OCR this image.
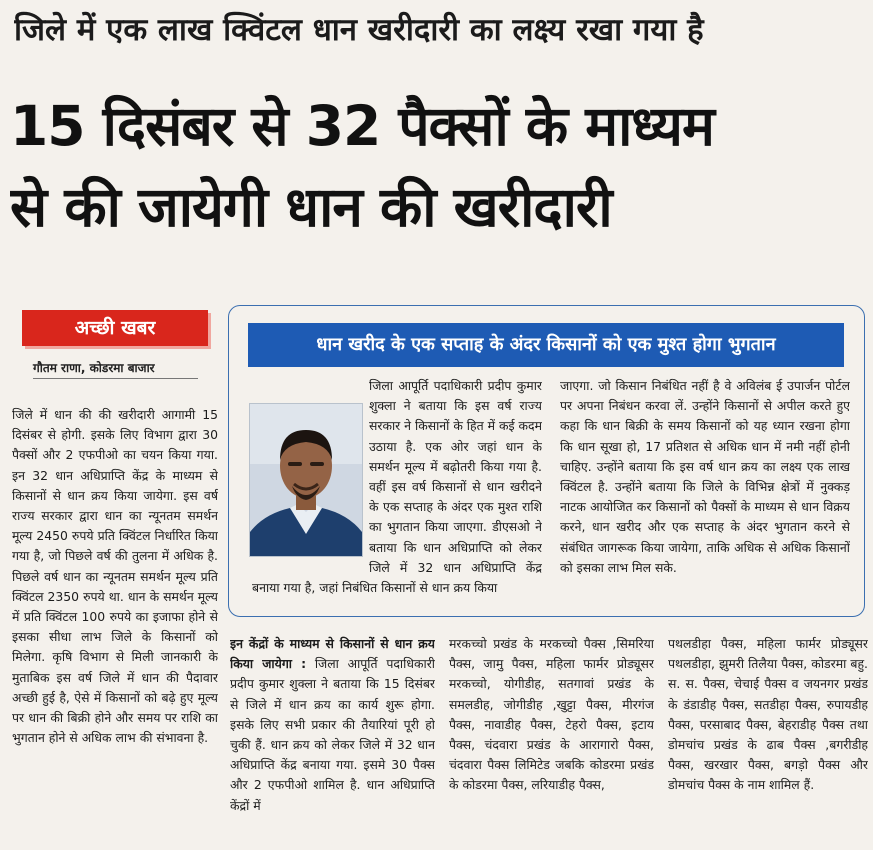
जिले में एक लाख क्विंटल धान खरीदारी का लक्ष्य रखा गया है
15 दिसंबर से 32 पैक्सों के माध्यम
से की जायेगी धान की खरीदारी
अच्छी खबर
गौतम राणा, कोडरमा बाजार
जिले में धान की की खरीदारी आगामी 15 दिसंबर से होगी. इसके लिए विभाग द्वारा 30 पैक्सों और 2 एफपीओ का चयन किया गया. इन 32 धान अधिप्राप्ति केंद्र के माध्यम से किसानों से धान क्रय किया जायेगा. इस वर्ष राज्य सरकार द्वारा धान का न्यूनतम समर्थन मूल्य 2450 रुपये प्रति क्विंटल निर्धारित किया गया है, जो पिछले वर्ष की तुलना में अधिक है. पिछले वर्ष धान का न्यूनतम समर्थन मूल्य प्रति क्विंटल 2350 रुपये था. धान के समर्थन मूल्य में प्रति क्विंटल 100 रुपये का इजाफा होने से इसका सीधा लाभ जिले के किसानों को मिलेगा. कृषि विभाग से मिली जानकारी के मुताबिक इस वर्ष जिले में धान की पैदावार अच्छी हुई है, ऐसे में किसानों को बढ़े हुए मूल्य पर धान की बिक्री होने और समय पर राशि का भुगतान होने से अधिक लाभ की संभावना है.
धान खरीद के एक सप्ताह के अंदर किसानों को एक मुश्त होगा भुगतान
जिला आपूर्ति पदाधिकारी प्रदीप कुमार शुक्ला ने बताया कि इस वर्ष राज्य सरकार ने किसानों के हित में कई कदम उठाया है. एक ओर जहां धान के समर्थन मूल्य में बढ़ोतरी किया गया है. वहीं इस वर्ष किसानों से धान खरीदने के एक सप्ताह के अंदर एक मुश्त राशि का भुगतान किया जाएगा. डीएसओ ने बताया कि धान अधिप्राप्ति को लेकर जिले में 32 धान अधिप्राप्ति केंद्र बनाया गया है, जहां निबंधित किसानों से धान क्रय किया
जाएगा. जो किसान निबंधित नहीं है वे अविलंब ई उपार्जन पोर्टल पर अपना निबंधन करवा लें. उन्होंने किसानों से अपील करते हुए कहा कि धान बिक्री के समय किसानों को यह ध्यान रखना होगा कि धान सूखा हो, 17 प्रतिशत से अधिक धान में नमी नहीं होनी चाहिए. उन्होंने बताया कि इस वर्ष धान क्रय का लक्ष्य एक लाख क्विंटल है. उन्होंने बताया कि जिले के विभिन्न क्षेत्रों में नुक्कड़ नाटक आयोजित कर किसानों को पैक्सों के माध्यम से धान विक्रय करने, धान खरीद और एक सप्ताह के अंदर भुगतान करने से संबंधित जागरूक किया जायेगा, ताकि अधिक से अधिक किसानों को इसका लाभ मिल सके.
इन केंद्रों के माध्यम से किसानों से धान क्रय किया जायेगा : जिला आपूर्ति पदाधिकारी प्रदीप कुमार शुक्ला ने बताया कि 15 दिसंबर से जिले में धान क्रय का कार्य शुरू होगा. इसके लिए सभी प्रकार की तैयारियां पूरी हो चुकी हैं. धान क्रय को लेकर जिले में 32 धान अधिप्राप्ति केंद्र बनाया गया. इसमे 30 पैक्स और 2 एफपीओ शामिल है. धान अधिप्राप्ति केंद्रों में
मरकच्चो प्रखंड के मरकच्चो पैक्स ,सिमरिया पैक्स, जामु पैक्स, महिला फार्मर प्रोड्यूसर मरकच्चो, योगीडीह, सतगावां प्रखंड के समलडीह, जोगीडीह ,खुट्टा पैक्स, मीरगंज पैक्स, नावाडीह पैक्स, टेहरो पैक्स, इटाय पैक्स, चंदवारा प्रखंड के आरागारो पैक्स, चंदवारा पैक्स लिमिटेड जबकि कोडरमा प्रखंड के कोडरमा पैक्स, लरियाडीह पैक्स,
पथलडीहा पैक्स, महिला फार्मर प्रोड्यूसर पथलडीहा, झुमरी तिलैया पैक्स, कोडरमा बहु. स. स. पैक्स, चेचाई पैक्स व जयनगर प्रखंड के डंडाडीह पैक्स, सतडीहा पैक्स, रुपायडीह पैक्स, परसाबाद पैक्स, बेहराडीह पैक्स तथा डोमचांच प्रखंड के ढाब पैक्स ,बगरीडीह पैक्स, खरखार पैक्स, बगड़ो पैक्स और डोमचांच पैक्स के नाम शामिल हैं.
